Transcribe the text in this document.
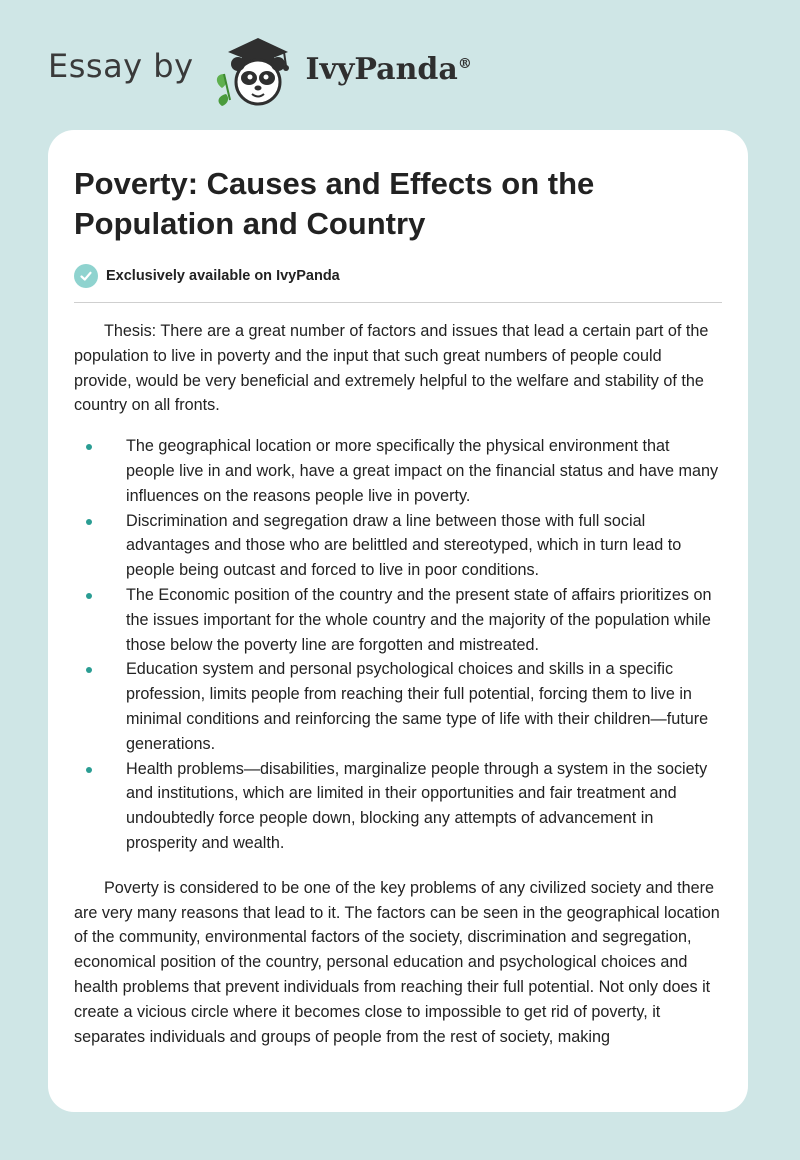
Essay by	IvyPanda®
Poverty: Causes and Effects on the Population and Country
Exclusively available on IvyPanda

Thesis: There are a great number of factors and issues that lead a certain part of the population to live in poverty and the input that such great numbers of people could provide, would be very beneficial and extremely helpful to the welfare and stability of the country on all fronts.

The geographical location or more specifically the physical environment that people live in and work, have a great impact on the financial status and have many influences on the reasons people live in poverty.
Discrimination and segregation draw a line between those with full social advantages and those who are belittled and stereotyped, which in turn lead to people being outcast and forced to live in poor conditions.
The Economic position of the country and the present state of affairs prioritizes on the issues important for the whole country and the majority of the population while those below the poverty line are forgotten and mistreated.
Education system and personal psychological choices and skills in a specific profession, limits people from reaching their full potential, forcing them to live in minimal conditions and reinforcing the same type of life with their children—future generations.
Health problems—disabilities, marginalize people through a system in the society and institutions, which are limited in their opportunities and fair treatment and undoubtedly force people down, blocking any attempts of advancement in prosperity and wealth.

Poverty is considered to be one of the key problems of any civilized society and there are very many reasons that lead to it. The factors can be seen in the geographical location of the community, environmental factors of the society, discrimination and segregation, economical position of the country, personal education and psychological choices and health problems that prevent individuals from reaching their full potential. Not only does it create a vicious circle where it becomes close to impossible to get rid of poverty, it separates individuals and groups of people from the rest of society, making
